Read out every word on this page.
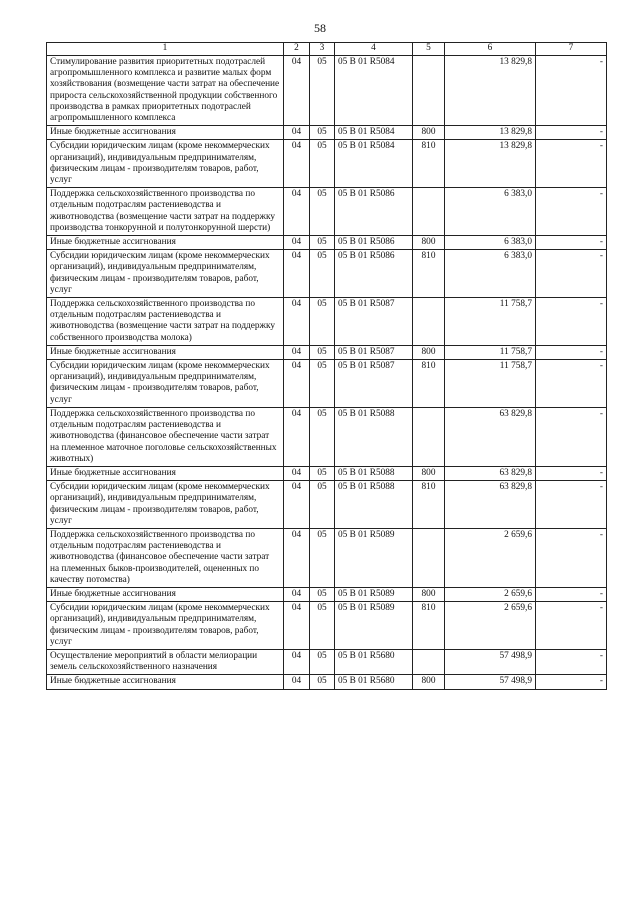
58
1	2	3	4	5	6	7
Стимулирование развития приоритетных подотраслей агропромышленного комплекса и развитие малых форм хозяйствования (возмещение части затрат на обеспечение прироста сельскохозяйственной продукции собственного производства в рамках приоритетных подотраслей агропромышленного комплекса	04	05	05 В 01 R5084		13 829,8	-
Иные бюджетные ассигнования	04	05	05 В 01 R5084	800	13 829,8	-
Субсидии юридическим лицам (кроме некоммерческих организаций), индивидуальным предпринимателям, физическим лицам - производителям товаров, работ, услуг	04	05	05 В 01 R5084	810	13 829,8	-
Поддержка сельскохозяйственного производства по отдельным подотраслям растениеводства и животноводства (возмещение части затрат на поддержку производства тонкорунной и полутонкорунной шерсти)	04	05	05 В 01 R5086		6 383,0	-
Иные бюджетные ассигнования	04	05	05 В 01 R5086	800	6 383,0	-
Субсидии юридическим лицам (кроме некоммерческих организаций), индивидуальным предпринимателям, физическим лицам - производителям товаров, работ, услуг	04	05	05 В 01 R5086	810	6 383,0	-
Поддержка сельскохозяйственного производства по отдельным подотраслям растениеводства и животноводства (возмещение части затрат на поддержку собственного производства молока)	04	05	05 В 01 R5087		11 758,7	-
Иные бюджетные ассигнования	04	05	05 В 01 R5087	800	11 758,7	-
Субсидии юридическим лицам (кроме некоммерческих организаций), индивидуальным предпринимателям, физическим лицам - производителям товаров, работ, услуг	04	05	05 В 01 R5087	810	11 758,7	-
Поддержка сельскохозяйственного производства по отдельным подотраслям растениеводства и животноводства (финансовое обеспечение части затрат на племенное маточное поголовье сельскохозяйственных животных)	04	05	05 В 01 R5088		63 829,8	-
Иные бюджетные ассигнования	04	05	05 В 01 R5088	800	63 829,8	-
Субсидии юридическим лицам (кроме некоммерческих организаций), индивидуальным предпринимателям, физическим лицам - производителям товаров, работ, услуг	04	05	05 В 01 R5088	810	63 829,8	-
Поддержка сельскохозяйственного производства по отдельным подотраслям растениеводства и животноводства (финансовое обеспечение части затрат на племенных быков-производителей, оцененных по качеству потомства)	04	05	05 В 01 R5089		2 659,6	-
Иные бюджетные ассигнования	04	05	05 В 01 R5089	800	2 659,6	-
Субсидии юридическим лицам (кроме некоммерческих организаций), индивидуальным предпринимателям, физическим лицам - производителям товаров, работ, услуг	04	05	05 В 01 R5089	810	2 659,6	-
Осуществление мероприятий в области мелиорации земель сельскохозяйственного назначения	04	05	05 В 01 R5680		57 498,9	-
Иные бюджетные ассигнования	04	05	05 В 01 R5680	800	57 498,9	-
